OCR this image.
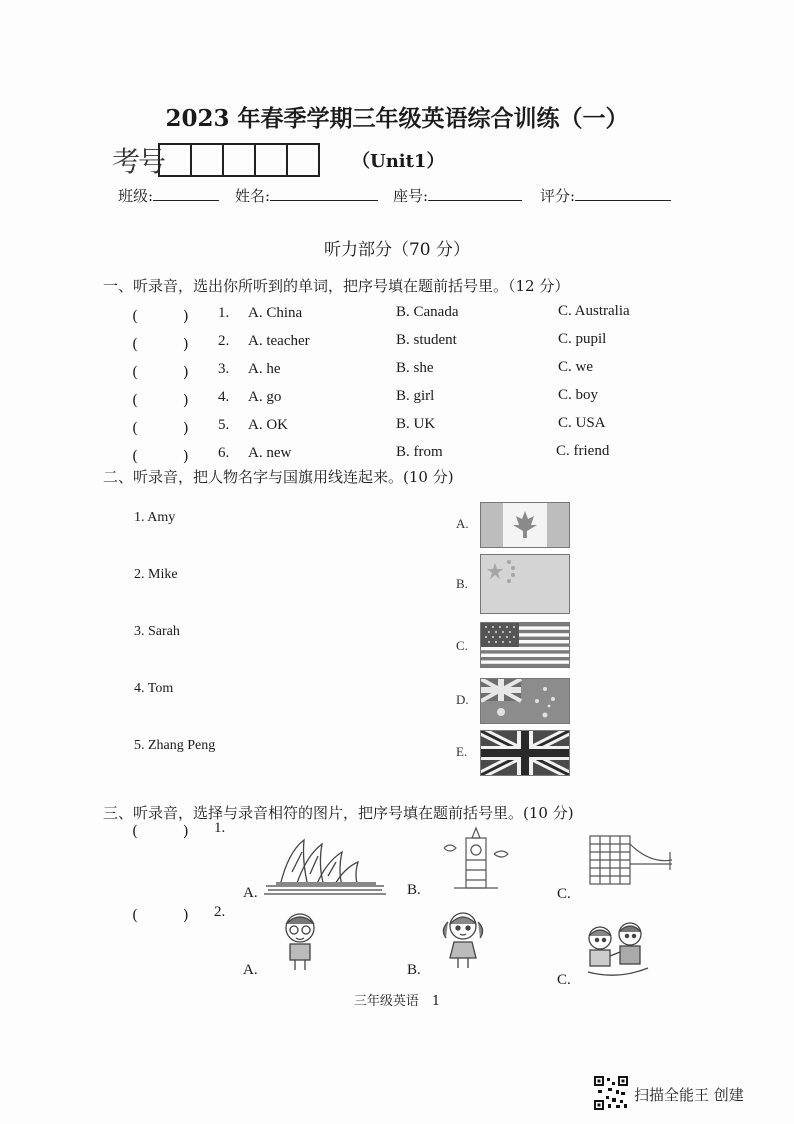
2023 年春季学期三年级英语综合训练（一）
考号	（Unit1）
班级:	姓名:	座号:	评分:
听力部分（70 分）
一、听录音，选出你所听到的单词，把序号填在题前括号里。（12 分）
(　　　) 1. A. China	B. Canada	C. Australia
(　　　) 2. A. teacher	B. student	C. pupil
(　　　) 3. A. he	B. she	C. we
(　　　) 4. A. go	B. girl	C. boy
(　　　) 5. A. OK	B. UK	C. USA
(　　　) 6. A. new	B. from	C. friend
二、听录音，把人物名字与国旗用线连起来。(10 分)
1. Amy
2. Mike
3. Sarah
4. Tom
5. Zhang Peng
A.
B.
C.
D.
E.
三、听录音，选择与录音相符的图片，把序号填在题前括号里。(10 分)
(　　　) 1.
A.	B.	C.
(　　　) 2.
A.	B.
C.
三年级英语　1
扫描全能王 创建
